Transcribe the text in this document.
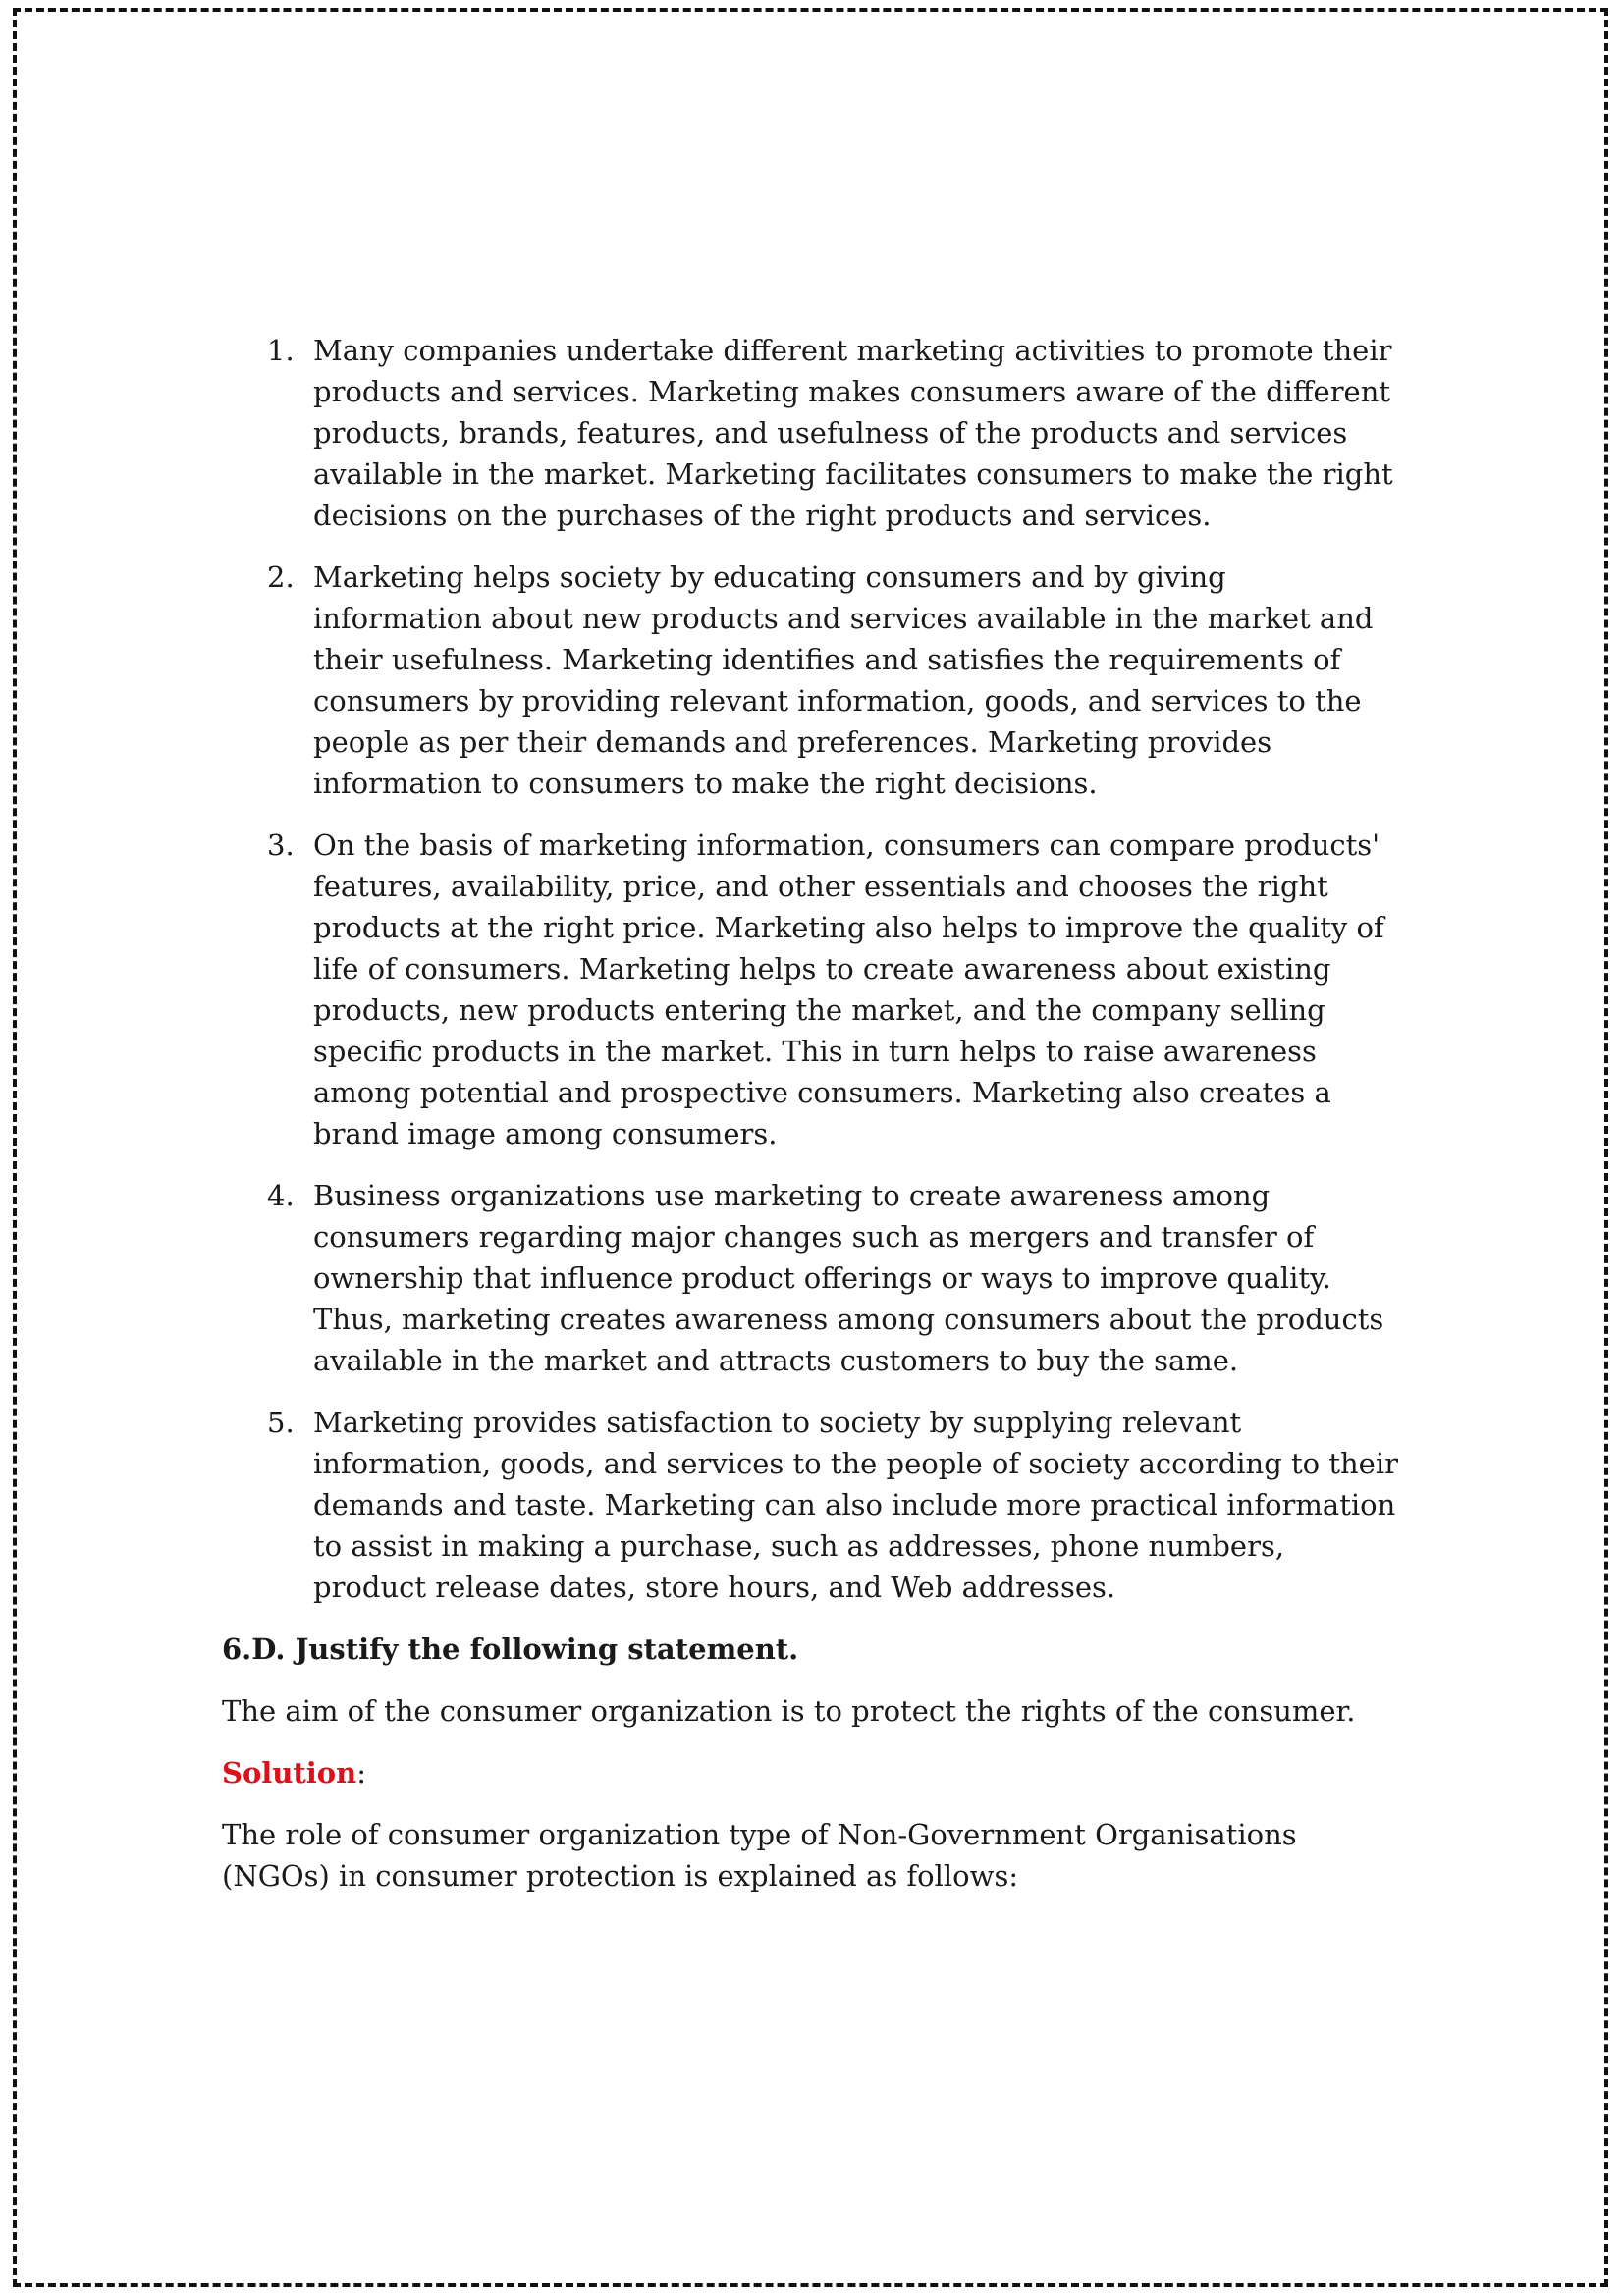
1. Many companies undertake different marketing activities to promote their products and services. Marketing makes consumers aware of the different products, brands, features, and usefulness of the products and services available in the market. Marketing facilitates consumers to make the right decisions on the purchases of the right products and services.
2. Marketing helps society by educating consumers and by giving information about new products and services available in the market and their usefulness. Marketing identifies and satisfies the requirements of consumers by providing relevant information, goods, and services to the people as per their demands and preferences. Marketing provides information to consumers to make the right decisions.
3. On the basis of marketing information, consumers can compare products' features, availability, price, and other essentials and chooses the right products at the right price. Marketing also helps to improve the quality of life of consumers. Marketing helps to create awareness about existing products, new products entering the market, and the company selling specific products in the market. This in turn helps to raise awareness among potential and prospective consumers. Marketing also creates a brand image among consumers.
4. Business organizations use marketing to create awareness among consumers regarding major changes such as mergers and transfer of ownership that influence product offerings or ways to improve quality. Thus, marketing creates awareness among consumers about the products available in the market and attracts customers to buy the same.
5. Marketing provides satisfaction to society by supplying relevant information, goods, and services to the people of society according to their demands and taste. Marketing can also include more practical information to assist in making a purchase, such as addresses, phone numbers, product release dates, store hours, and Web addresses.

6.D. Justify the following statement.

The aim of the consumer organization is to protect the rights of the consumer.

Solution:

The role of consumer organization type of Non-Government Organisations (NGOs) in consumer protection is explained as follows:
